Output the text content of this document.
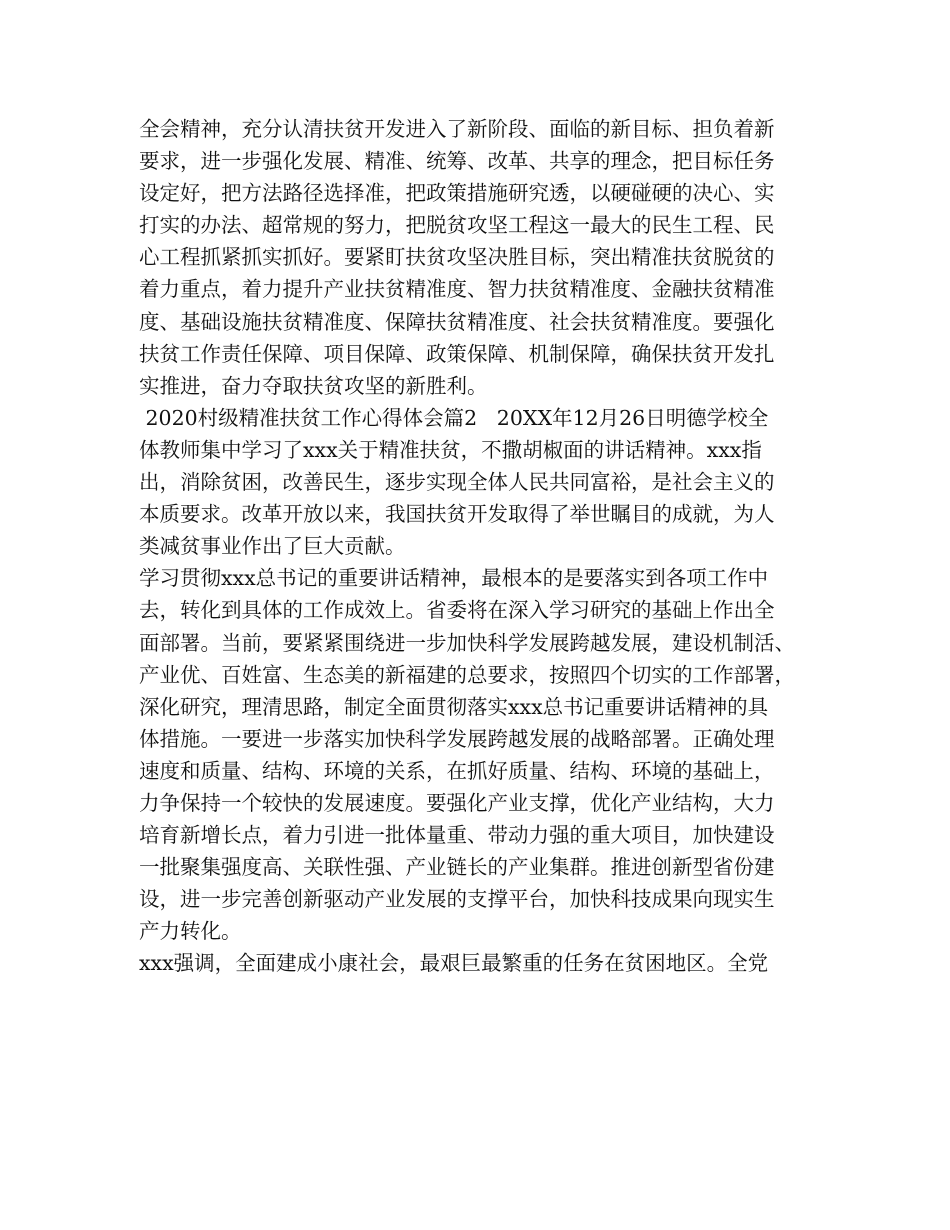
全会精神，充分认清扶贫开发进入了新阶段、面临的新目标、担负着新
要求，进一步强化发展、精准、统筹、改革、共享的理念，把目标任务
设定好，把方法路径选择准，把政策措施研究透，以硬碰硬的决心、实
打实的办法、超常规的努力，把脱贫攻坚工程这一最大的民生工程、民
心工程抓紧抓实抓好。要紧盯扶贫攻坚决胜目标，突出精准扶贫脱贫的
着力重点，着力提升产业扶贫精准度、智力扶贫精准度、金融扶贫精准
度、基础设施扶贫精准度、保障扶贫精准度、社会扶贫精准度。要强化
扶贫工作责任保障、项目保障、政策保障、机制保障，确保扶贫开发扎
实推进，奋力夺取扶贫攻坚的新胜利。
2020村级精准扶贫工作心得体会篇2   20XX年12月26日明德学校全
体教师集中学习了xxx关于精准扶贫，不撒胡椒面的讲话精神。xxx指
出，消除贫困，改善民生，逐步实现全体人民共同富裕，是社会主义的
本质要求。改革开放以来，我国扶贫开发取得了举世瞩目的成就，为人
类减贫事业作出了巨大贡献。
学习贯彻xxx总书记的重要讲话精神，最根本的是要落实到各项工作中
去，转化到具体的工作成效上。省委将在深入学习研究的基础上作出全
面部署。当前，要紧紧围绕进一步加快科学发展跨越发展，建设机制活、
产业优、百姓富、生态美的新福建的总要求，按照四个切实的工作部署，
深化研究，理清思路，制定全面贯彻落实xxx总书记重要讲话精神的具
体措施。一要进一步落实加快科学发展跨越发展的战略部署。正确处理
速度和质量、结构、环境的关系，在抓好质量、结构、环境的基础上，
力争保持一个较快的发展速度。要强化产业支撑，优化产业结构，大力
培育新增长点，着力引进一批体量重、带动力强的重大项目，加快建设
一批聚集强度高、关联性强、产业链长的产业集群。推进创新型省份建
设，进一步完善创新驱动产业发展的支撑平台，加快科技成果向现实生
产力转化。
xxx强调，全面建成小康社会，最艰巨最繁重的任务在贫困地区。全党
